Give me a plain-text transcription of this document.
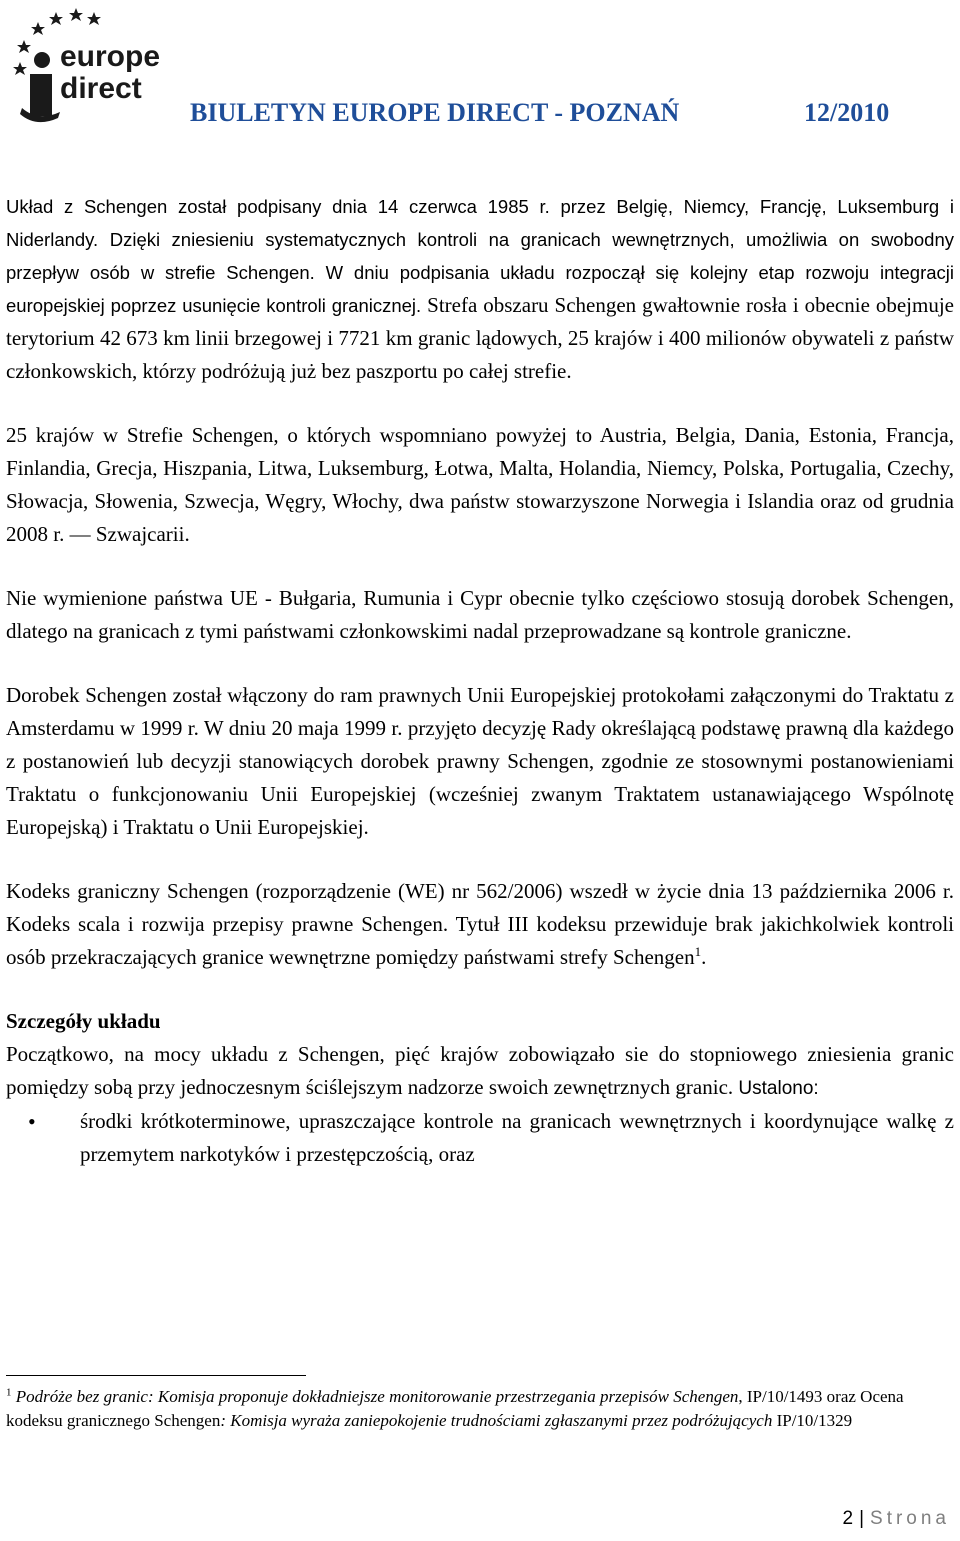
europe
direct
BIULETYN EUROPE DIRECT - POZNAŃ	12/2010

Układ z Schengen został podpisany dnia 14 czerwca 1985 r. przez Belgię, Niemcy, Francję, Luksemburg i Niderlandy. Dzięki zniesieniu systematycznych kontroli na granicach wewnętrznych, umożliwia on swobodny przepływ osób w strefie Schengen. W dniu podpisania układu rozpoczął się kolejny etap rozwoju integracji europejskiej poprzez usunięcie kontroli granicznej. Strefa obszaru Schengen gwałtownie rosła i obecnie obejmuje terytorium 42 673 km linii brzegowej i 7721 km granic lądowych, 25 krajów i 400 milionów obywateli z państw członkowskich, którzy podróżują już bez paszportu po całej strefie.

25 krajów w Strefie Schengen, o których wspomniano powyżej to Austria, Belgia, Dania, Estonia, Francja, Finlandia, Grecja, Hiszpania, Litwa, Luksemburg, Łotwa, Malta, Holandia, Niemcy, Polska, Portugalia, Czechy, Słowacja, Słowenia, Szwecja, Węgry, Włochy, dwa państw stowarzyszone Norwegia i Islandia oraz od grudnia 2008 r. — Szwajcarii.

Nie wymienione państwa UE - Bułgaria, Rumunia i Cypr obecnie tylko częściowo stosują dorobek Schengen, dlatego na granicach z tymi państwami członkowskimi nadal przeprowadzane są kontrole graniczne.

Dorobek Schengen został włączony do ram prawnych Unii Europejskiej protokołami załączonymi do Traktatu z Amsterdamu w 1999 r. W dniu 20 maja 1999 r. przyjęto decyzję Rady określającą podstawę prawną dla każdego z postanowień lub decyzji stanowiących dorobek prawny Schengen, zgodnie ze stosownymi postanowieniami Traktatu o funkcjonowaniu Unii Europejskiej (wcześniej zwanym Traktatem ustanawiającego Wspólnotę Europejską) i Traktatu o Unii Europejskiej.

Kodeks graniczny Schengen (rozporządzenie (WE) nr 562/2006) wszedł w życie dnia 13 października 2006 r. Kodeks scala i rozwija przepisy prawne Schengen. Tytuł III kodeksu przewiduje brak jakichkolwiek kontroli osób przekraczających granice wewnętrzne pomiędzy państwami strefy Schengen$^1$.

Szczegóły układu

Początkowo, na mocy układu z Schengen, pięć krajów zobowiązało sie do stopniowego zniesienia granic pomiędzy sobą przy jednoczesnym ściślejszym nadzorze swoich zewnętrznych granic. Ustalono:

• środki krótkoterminowe, upraszczające kontrole na granicach wewnętrznych i koordynujące walkę z przemytem narkotyków i przestępczością, oraz
$^1$ Podróże bez granic: Komisja proponuje dokładniejsze monitorowanie przestrzegania przepisów Schengen, IP/10/1493 oraz Ocena kodeksu granicznego Schengen: Komisja wyraża zaniepokojenie trudnościami zgłaszanymi przez podróżujących IP/10/1329
2 | Strona
